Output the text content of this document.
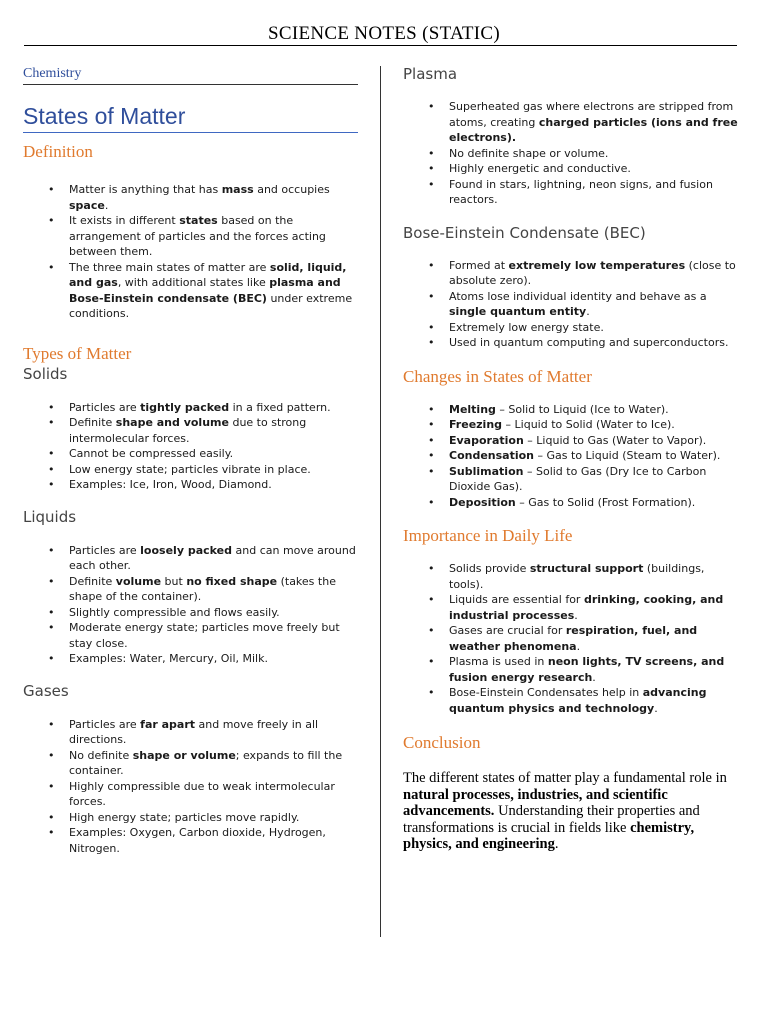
SCIENCE NOTES (STATIC)
Chemistry
States of Matter
Definition
• Matter is anything that has mass and occupies space.
• It exists in different states based on the arrangement of particles and the forces acting between them.
• The three main states of matter are solid, liquid, and gas, with additional states like plasma and Bose-Einstein condensate (BEC) under extreme conditions.
Types of Matter
Solids
• Particles are tightly packed in a fixed pattern.
• Definite shape and volume due to strong intermolecular forces.
• Cannot be compressed easily.
• Low energy state; particles vibrate in place.
• Examples: Ice, Iron, Wood, Diamond.
Liquids
• Particles are loosely packed and can move around each other.
• Definite volume but no fixed shape (takes the shape of the container).
• Slightly compressible and flows easily.
• Moderate energy state; particles move freely but stay close.
• Examples: Water, Mercury, Oil, Milk.
Gases
• Particles are far apart and move freely in all directions.
• No definite shape or volume; expands to fill the container.
• Highly compressible due to weak intermolecular forces.
• High energy state; particles move rapidly.
• Examples: Oxygen, Carbon dioxide, Hydrogen, Nitrogen.
Plasma
• Superheated gas where electrons are stripped from atoms, creating charged particles (ions and free electrons).
• No definite shape or volume.
• Highly energetic and conductive.
• Found in stars, lightning, neon signs, and fusion reactors.
Bose-Einstein Condensate (BEC)
• Formed at extremely low temperatures (close to absolute zero).
• Atoms lose individual identity and behave as a single quantum entity.
• Extremely low energy state.
• Used in quantum computing and superconductors.
Changes in States of Matter
• Melting – Solid to Liquid (Ice to Water).
• Freezing – Liquid to Solid (Water to Ice).
• Evaporation – Liquid to Gas (Water to Vapor).
• Condensation – Gas to Liquid (Steam to Water).
• Sublimation – Solid to Gas (Dry Ice to Carbon Dioxide Gas).
• Deposition – Gas to Solid (Frost Formation).
Importance in Daily Life
• Solids provide structural support (buildings, tools).
• Liquids are essential for drinking, cooking, and industrial processes.
• Gases are crucial for respiration, fuel, and weather phenomena.
• Plasma is used in neon lights, TV screens, and fusion energy research.
• Bose-Einstein Condensates help in advancing quantum physics and technology.
Conclusion
The different states of matter play a fundamental role in natural processes, industries, and scientific advancements. Understanding their properties and transformations is crucial in fields like chemistry, physics, and engineering.
